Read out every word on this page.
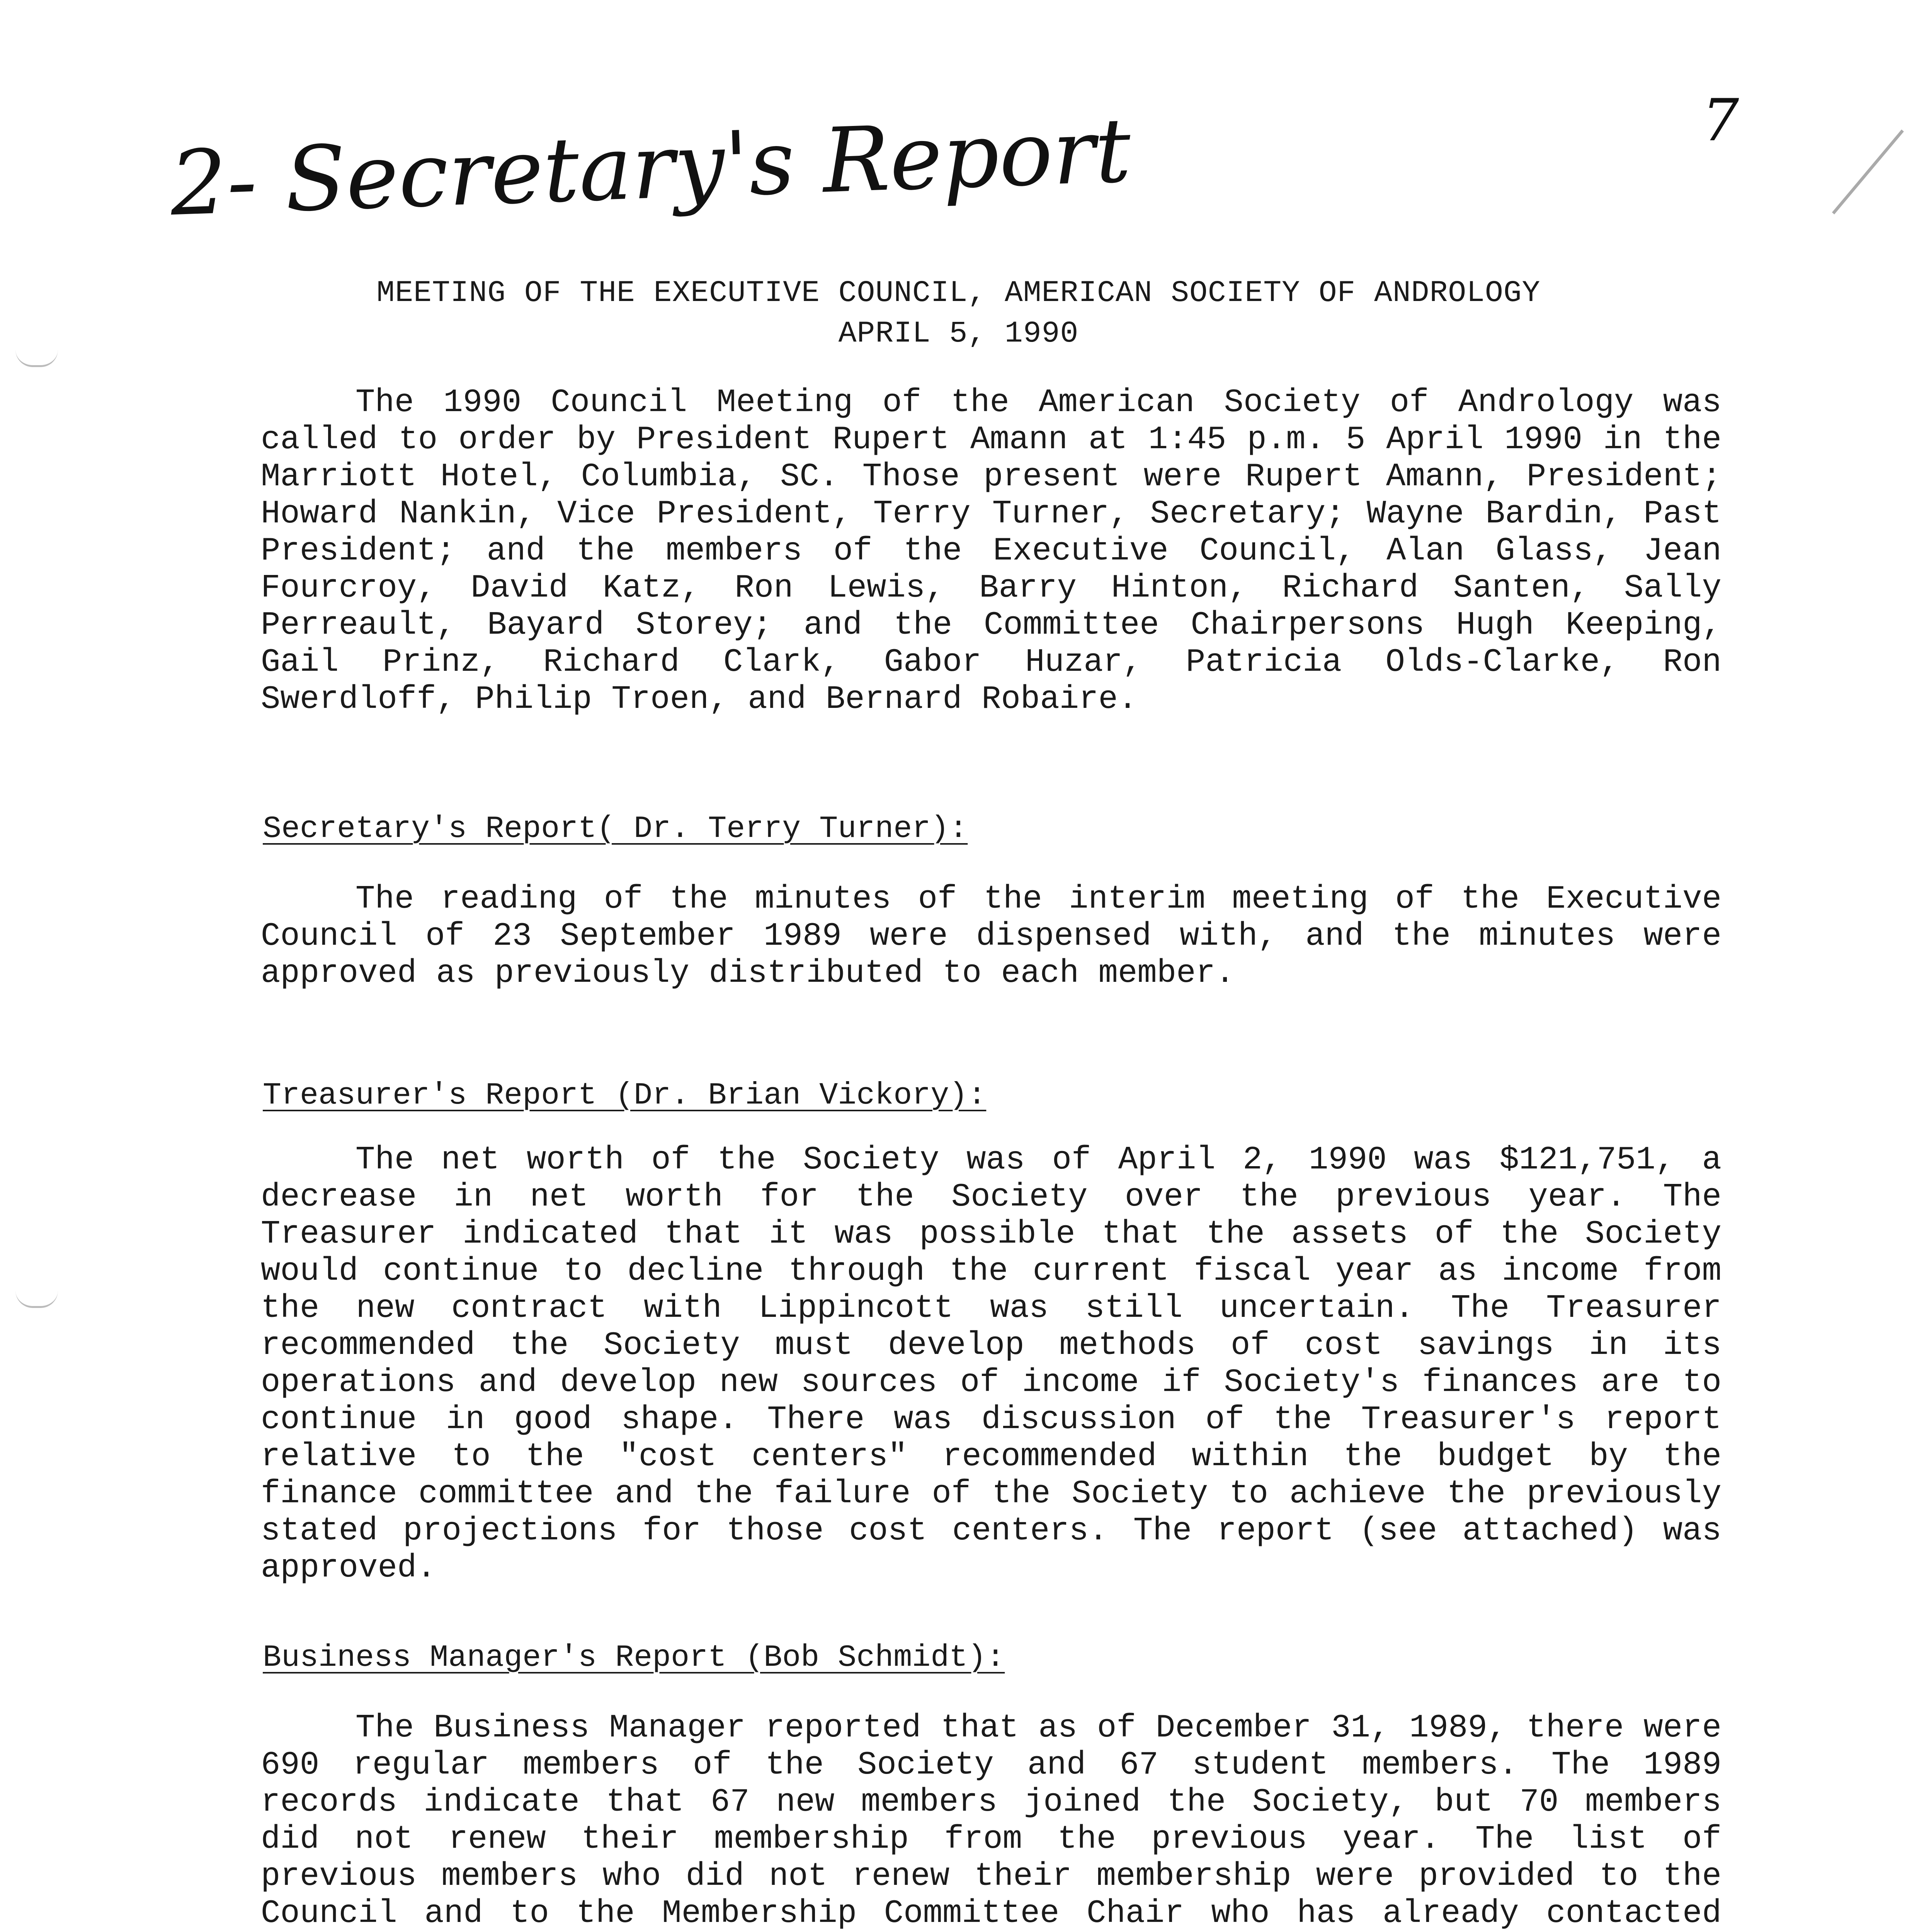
2- Secretary's Report	7
MEETING OF THE EXECUTIVE COUNCIL, AMERICAN SOCIETY OF ANDROLOGY
APRIL 5, 1990
The 1990 Council Meeting of the American Society of Andrology was called to order by President Rupert Amann at 1:45 p.m. 5 April 1990 in the Marriott Hotel, Columbia, SC. Those present were Rupert Amann, President; Howard Nankin, Vice President, Terry Turner, Secretary; Wayne Bardin, Past President; and the members of the Executive Council, Alan Glass, Jean Fourcroy, David Katz, Ron Lewis, Barry Hinton, Richard Santen, Sally Perreault, Bayard Storey; and the Committee Chairpersons Hugh Keeping, Gail Prinz, Richard Clark, Gabor Huzar, Patricia Olds-Clarke, Ron Swerdloff, Philip Troen, and Bernard Robaire.
Secretary's Report( Dr. Terry Turner):
The reading of the minutes of the interim meeting of the Executive Council of 23 September 1989 were dispensed with, and the minutes were approved as previously distributed to each member.
Treasurer's Report (Dr. Brian Vickory):
The net worth of the Society was of April 2, 1990 was $121,751, a decrease in net worth for the Society over the previous year. The Treasurer indicated that it was possible that the assets of the Society would continue to decline through the current fiscal year as income from the new contract with Lippincott was still uncertain. The Treasurer recommended the Society must develop methods of cost savings in its operations and develop new sources of income if Society's finances are to continue in good shape. There was discussion of the Treasurer's report relative to the "cost centers" recommended within the budget by the finance committee and the failure of the Society to achieve the previously stated projections for those cost centers. The report (see attached) was approved.
Business Manager's Report (Bob Schmidt):
The Business Manager reported that as of December 31, 1989, there were 690 regular members of the Society and 67 student members. The 1989 records indicate that 67 new members joined the Society, but 70 members did not renew their membership from the previous year. The list of previous members who did not renew their membership were provided to the Council and to the Membership Committee Chair who has already contacted
